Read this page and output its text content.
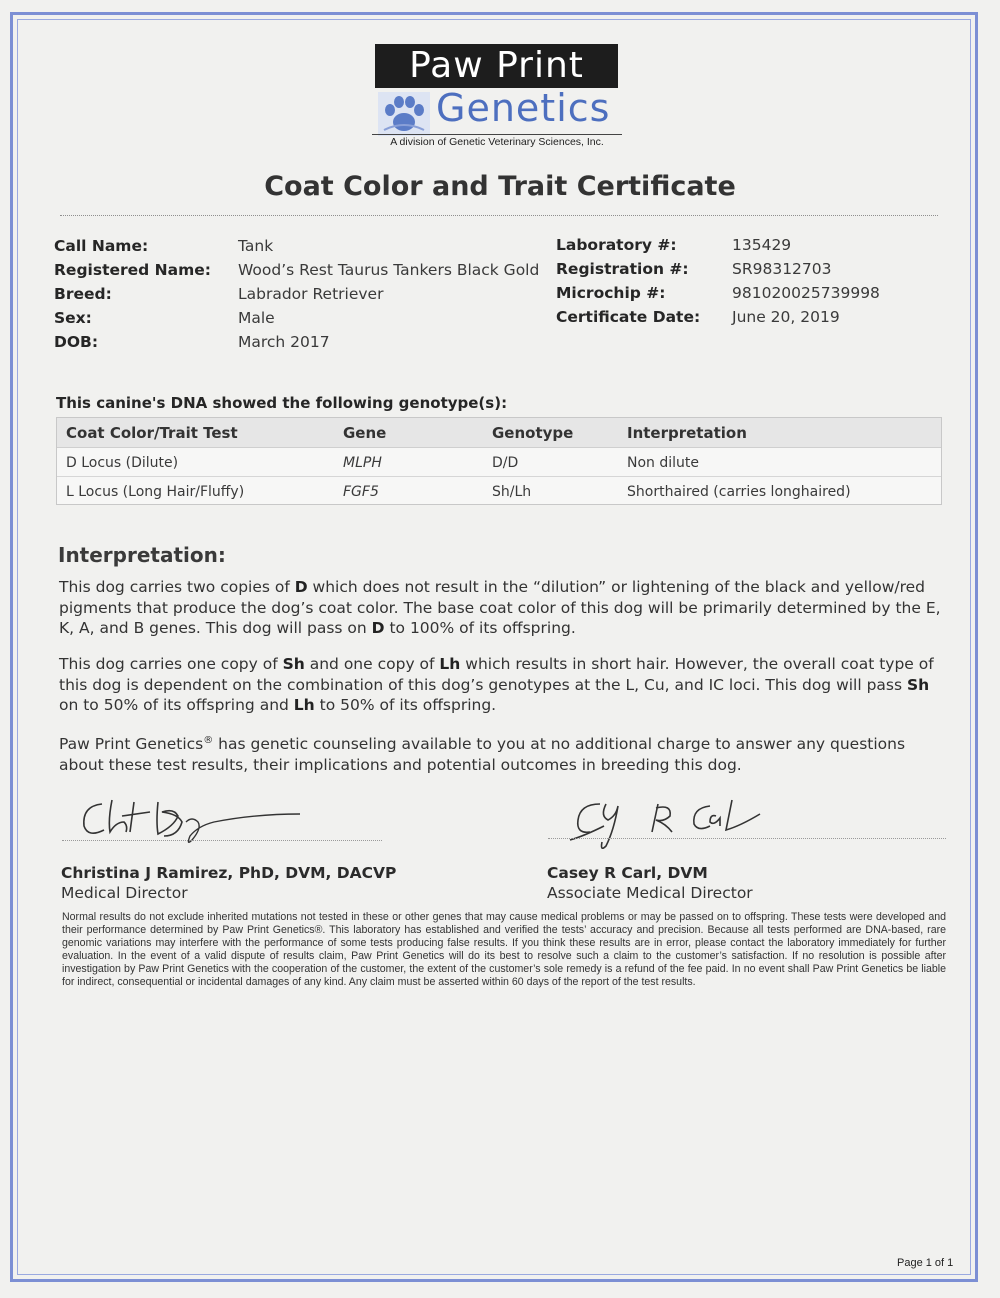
Paw Print
Genetics
A division of Genetic Veterinary Sciences, Inc.
Coat Color and Trait Certificate
Call Name:	Tank
Registered Name: Wood’s Rest Taurus Tankers Black Gold
Breed:	Labrador Retriever
Sex:	Male
DOB:	March 2017
Laboratory #:	135429
Registration #:	SR98312703
Microchip #:	981020025739998
Certificate Date: June 20, 2019
This canine's DNA showed the following genotype(s):
Coat Color/Trait Test	Gene	Genotype	Interpretation
D Locus (Dilute)	MLPH	D/D	Non dilute
L Locus (Long Hair/Fluffy)	FGF5	Sh/Lh	Shorthaired (carries longhaired)
Interpretation:

This dog carries two copies of D which does not result in the “dilution” or lightening of the black and yellow/red pigments that produce the dog’s coat color. The base coat color of this dog will be primarily determined by the E, K, A, and B genes. This dog will pass on D to 100% of its offspring.

This dog carries one copy of Sh and one copy of Lh which results in short hair. However, the overall coat type of this dog is dependent on the combination of this dog’s genotypes at the L, Cu, and IC loci. This dog will pass Sh on to 50% of its offspring and Lh to 50% of its offspring.

Paw Print Genetics® has genetic counseling available to you at no additional charge to answer any questions about these test results, their implications and potential outcomes in breeding this dog.

Christina J Ramirez, PhD, DVM, DACVP
Medical Director
Casey R Carl, DVM
Associate Medical Director
Normal results do not exclude inherited mutations not tested in these or other genes that may cause medical problems or may be passed on to offspring. These tests were developed and their performance determined by Paw Print Genetics®. This laboratory has established and verified the tests’ accuracy and precision. Because all tests performed are DNA-based, rare genomic variations may interfere with the performance of some tests producing false results. If you think these results are in error, please contact the laboratory immediately for further evaluation. In the event of a valid dispute of results claim, Paw Print Genetics will do its best to resolve such a claim to the customer’s satisfaction. If no resolution is possible after investigation by Paw Print Genetics with the cooperation of the customer, the extent of the customer’s sole remedy is a refund of the fee paid. In no event shall Paw Print Genetics be liable for indirect, consequential or incidental damages of any kind. Any claim must be asserted within 60 days of the report of the test results.
Page 1 of 1
